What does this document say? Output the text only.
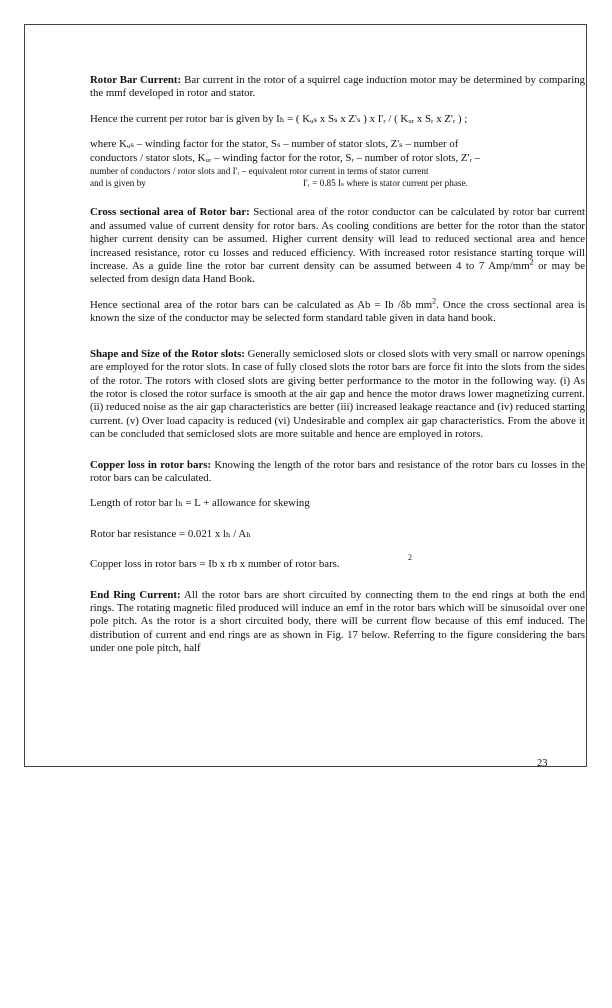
Rotor Bar Current: Bar current in the rotor of a squirrel cage induction motor may be determined by comparing the mmf developed in rotor and stator.

Hence the current per rotor bar is given by Iₕ = ( Kᵤₛ x Sₛ x Z'ₛ ) x I'ᵣ / ( Kᵤᵣ x Sᵣ x Z'ᵣ ) ;

where Kᵤₛ – winding factor for the stator, Sₛ – number of stator slots, Z'ₛ – number of

conductors / stator slots, Kᵤᵣ – winding factor for the rotor, Sᵣ – number of rotor slots, Z'ᵣ –

number of conductors / rotor slots and I'ᵣ – equivalent rotor current in terms of stator current

and is given by	I'ᵣ = 0.85 Iₛ where is stator current per phase.

Cross sectional area of Rotor bar: Sectional area of the rotor conductor can be calculated by rotor bar current and assumed value of current density for rotor bars. As cooling conditions are better for the rotor than the stator higher current density can be assumed. Higher current density will lead to reduced sectional area and hence increased resistance, rotor cu losses and reduced efficiency. With increased rotor resistance starting torque will increase. As a guide line the rotor bar current density can be assumed between 4 to 7 Amp/$mm^2$ or may be selected from design data Hand Book.

Hence sectional area of the rotor bars can be calculated as Ab = Ib /δb $mm^2$. Once the cross sectional area is known the size of the conductor may be selected form standard table given in data hand book.

Shape and Size of the Rotor slots: Generally semiclosed slots or closed slots with very small or narrow openings are employed for the rotor slots. In case of fully closed slots the rotor bars are force fit into the slots from the sides of the rotor. The rotors with closed slots are giving better performance to the motor in the following way. (i) As the rotor is closed the rotor surface is smooth at the air gap and hence the motor draws lower magnetizing current. (ii) reduced noise as the air gap characteristics are better (iii) increased leakage reactance and (iv) reduced starting current. (v) Over load capacity is reduced (vi) Undesirable and complex air gap characteristics. From the above it can be concluded that semiclosed slots are more suitable and hence are employed in rotors.

Copper loss in rotor bars: Knowing the length of the rotor bars and resistance of the rotor bars cu losses in the rotor bars can be calculated.

Length of rotor bar lₕ = L + allowance for skewing

Rotor bar resistance = 0.021 x lₕ / Aₕ

Copper loss in rotor bars = Ib x rb x number of rotor bars.
2

End Ring Current: All the rotor bars are short circuited by connecting them to the end rings at both the end rings. The rotating magnetic filed produced will induce an emf in the rotor bars which will be sinusoidal over one pole pitch. As the rotor is a short circuited body, there will be current flow because of this emf induced. The distribution of current and end rings are as shown in Fig. 17 below. Referring to the figure considering the bars under one pole pitch, half

23
